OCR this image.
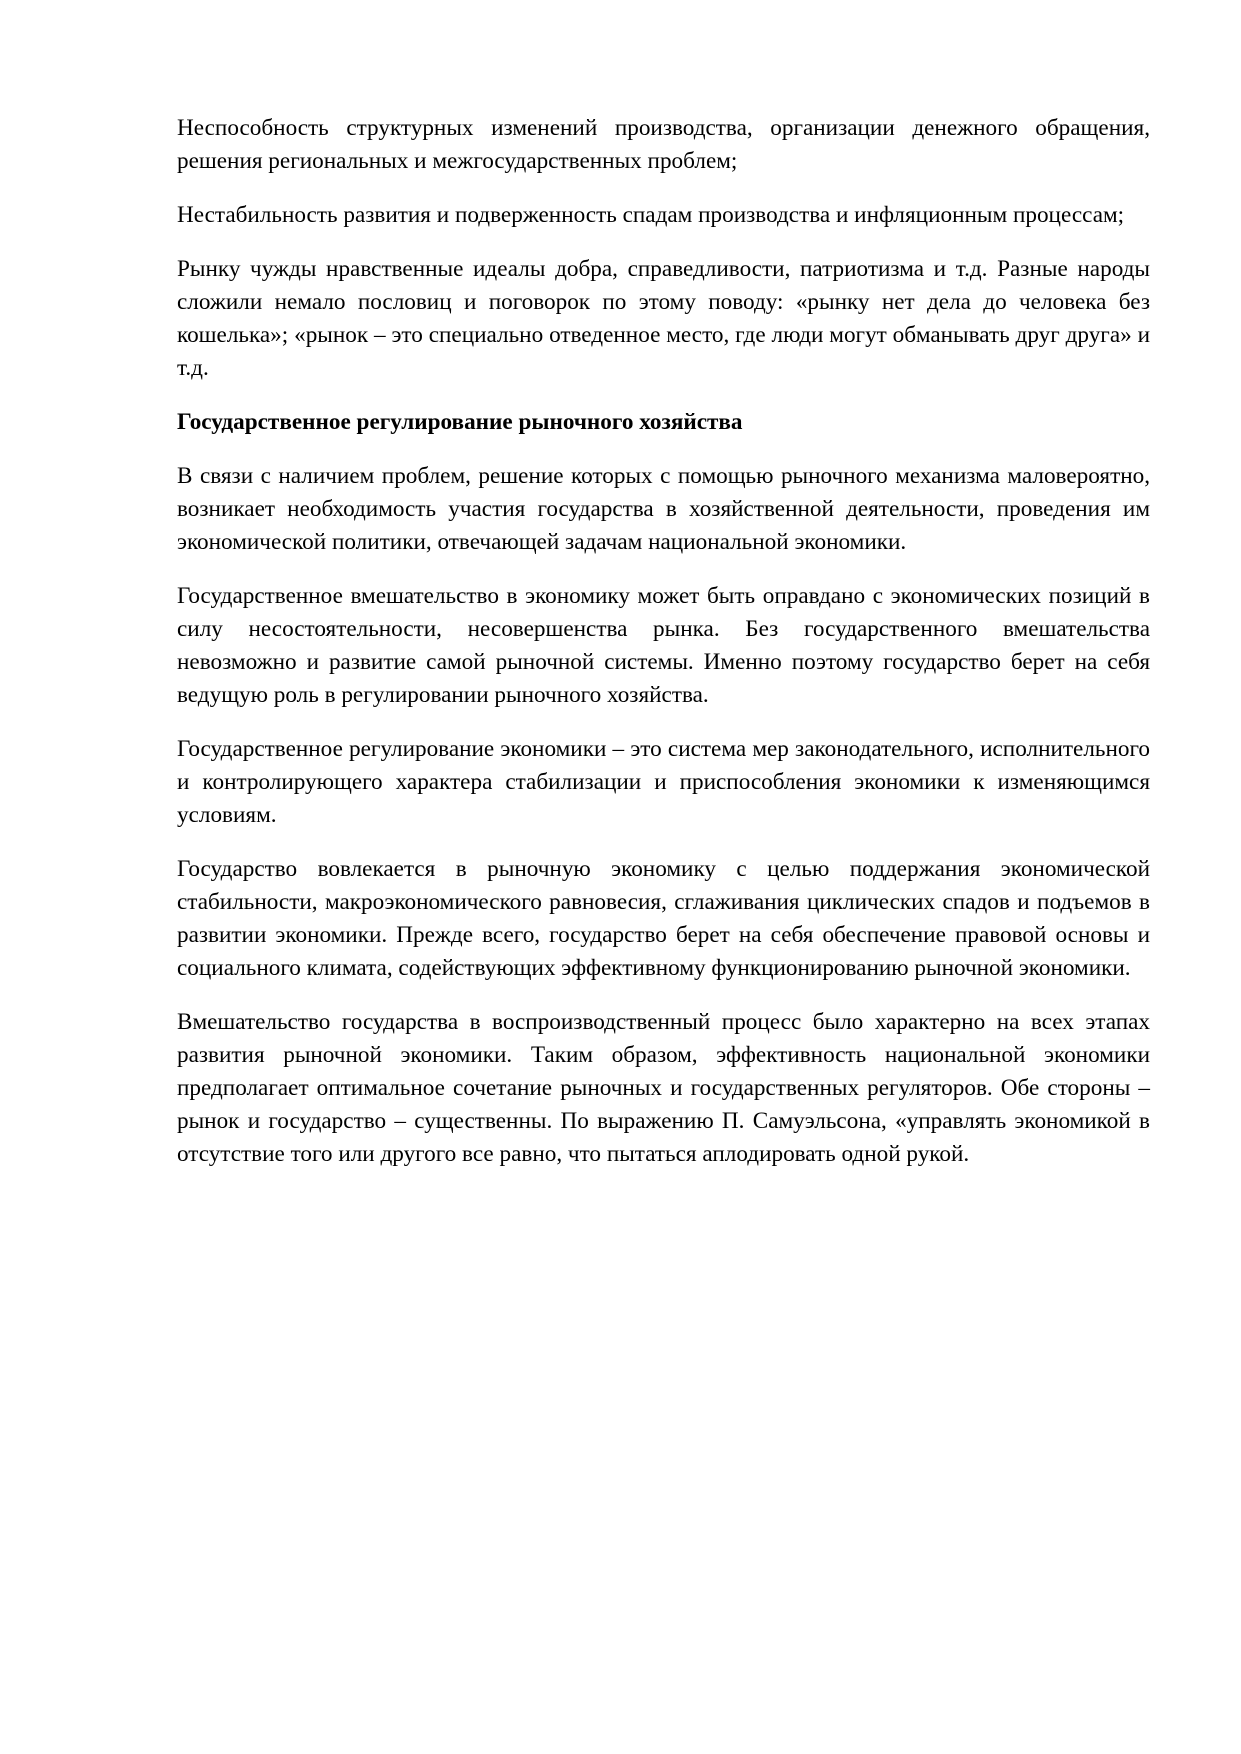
Неспособность структурных изменений производства, организации денежного обращения, решения региональных и межгосударственных проблем;

Нестабильность развития и подверженность спадам производства и инфляционным процессам;

Рынку чужды нравственные идеалы добра, справедливости, патриотизма и т.д. Разные народы сложили немало пословиц и поговорок по этому поводу: «рынку нет дела до человека без кошелька»; «рынок – это специально отведенное место, где люди могут обманывать друг друга» и т.д.

Государственное регулирование рыночного хозяйства

В связи с наличием проблем, решение которых с помощью рыночного механизма маловероятно, возникает необходимость участия государства в хозяйственной деятельности, проведения им экономической политики, отвечающей задачам национальной экономики.

Государственное вмешательство в экономику может быть оправдано с экономических позиций в силу несостоятельности, несовершенства рынка. Без государственного вмешательства невозможно и развитие самой рыночной системы. Именно поэтому государство берет на себя ведущую роль в регулировании рыночного хозяйства.

Государственное регулирование экономики – это система мер законодательного, исполнительного и контролирующего характера стабилизации и приспособления экономики к изменяющимся условиям.

Государство вовлекается в рыночную экономику с целью поддержания экономической стабильности, макроэкономического равновесия, сглаживания циклических спадов и подъемов в развитии экономики. Прежде всего, государство берет на себя обеспечение правовой основы и социального климата, содействующих эффективному функционированию рыночной экономики.

Вмешательство государства в воспроизводственный процесс было характерно на всех этапах развития рыночной экономики. Таким образом, эффективность национальной экономики предполагает оптимальное сочетание рыночных и государственных регуляторов. Обе стороны – рынок и государство – существенны. По выражению П. Самуэльсона, «управлять экономикой в отсутствие того или другого все равно, что пытаться аплодировать одной рукой.
